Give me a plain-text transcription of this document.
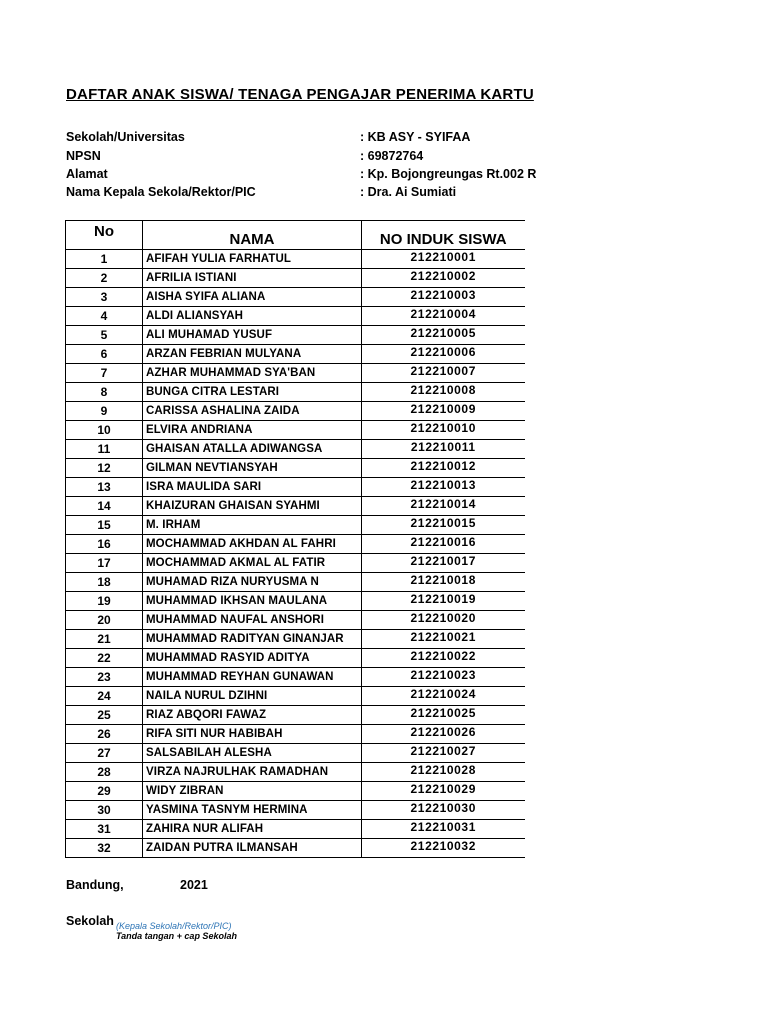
DAFTAR ANAK SISWA/ TENAGA PENGAJAR PENERIMA KARTU
Sekolah/Universitas	: KB ASY - SYIFAA
NPSN	: 69872764
Alamat	: Kp. Bojongreungas Rt.002 R
Nama Kepala Sekola/Rektor/PIC	: Dra. Ai Sumiati
No	NAMA	NO INDUK SISWA
1	AFIFAH YULIA FARHATUL	212210001
2	AFRILIA ISTIANI	212210002
3	AISHA SYIFA ALIANA	212210003
4	ALDI ALIANSYAH	212210004
5	ALI MUHAMAD YUSUF	212210005
6	ARZAN FEBRIAN MULYANA	212210006
7	AZHAR MUHAMMAD SYA'BAN	212210007
8	BUNGA CITRA LESTARI	212210008
9	CARISSA ASHALINA ZAIDA	212210009
10	ELVIRA ANDRIANA	212210010
11	GHAISAN ATALLA ADIWANGSA	212210011
12	GILMAN NEVTIANSYAH	212210012
13	ISRA MAULIDA SARI	212210013
14	KHAIZURAN GHAISAN SYAHMI	212210014
15	M. IRHAM	212210015
16	MOCHAMMAD AKHDAN AL FAHRI	212210016
17	MOCHAMMAD AKMAL AL FATIR	212210017
18	MUHAMAD RIZA NURYUSMA N	212210018
19	MUHAMMAD IKHSAN MAULANA	212210019
20	MUHAMMAD NAUFAL ANSHORI	212210020
21	MUHAMMAD RADITYAN GINANJAR	212210021
22	MUHAMMAD RASYID ADITYA	212210022
23	MUHAMMAD REYHAN GUNAWAN	212210023
24	NAILA NURUL DZIHNI	212210024
25	RIAZ ABQORI FAWAZ	212210025
26	RIFA SITI NUR HABIBAH	212210026
27	SALSABILAH ALESHA	212210027
28	VIRZA NAJRULHAK RAMADHAN	212210028
29	WIDY ZIBRAN	212210029
30	YASMINA TASNYM HERMINA	212210030
31	ZAHIRA NUR ALIFAH	212210031
32	ZAIDAN PUTRA ILMANSAH	212210032
Bandung,	2021
Sekolah (Kepala Sekolah/Rektor/PIC)
Tanda tangan + cap Sekolah
